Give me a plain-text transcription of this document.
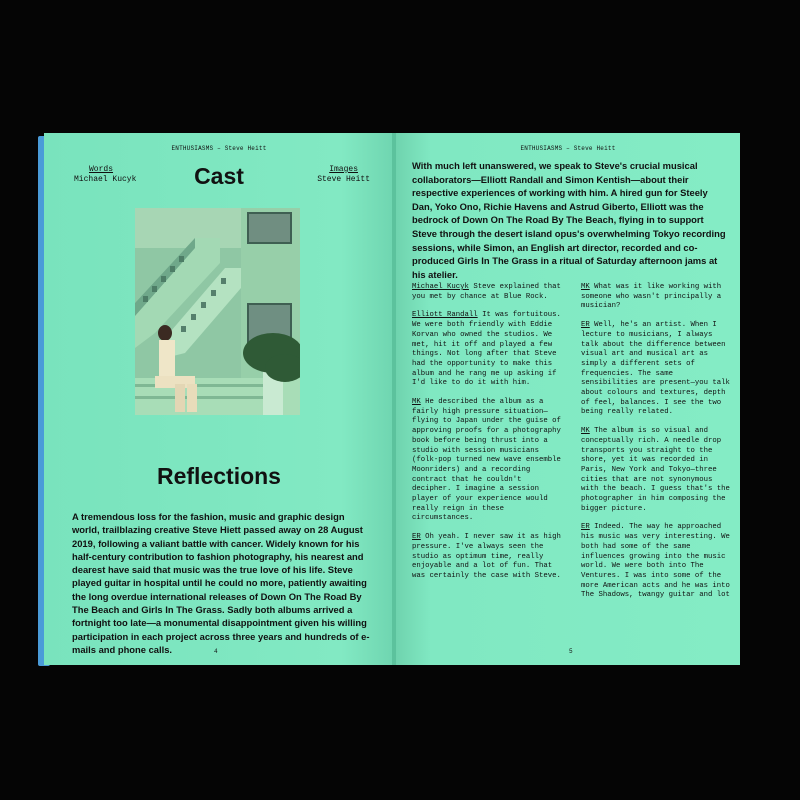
ENTHUSIASMS – Steve Heitt
Words
Michael Kucyk	Cast	Images
Steve Heitt
Reflections
A tremendous loss for the fashion, music and graphic design world, trailblazing creative Steve Hiett passed away on 28 August 2019, following a valiant battle with cancer. Widely known for his half-century contribution to fashion photography, his nearest and dearest have said that music was the true love of his life. Steve played guitar in hospital until he could no more, patiently awaiting the long overdue international releases of Down On The Road By The Beach and Girls In The Grass. Sadly both albums arrived a fortnight too late—a monumental disappointment given his willing participation in each project across three years and hundreds of e-mails and phone calls.	4
ENTHUSIASMS – Steve Heitt
With much left unanswered, we speak to Steve's crucial musical collaborators—Elliott Randall and Simon Kentish—about their respective experiences of working with him. A hired gun for Steely Dan, Yoko Ono, Richie Havens and Astrud Giberto, Elliott was the bedrock of Down On The Road By The Beach, flying in to support Steve through the desert island opus's overwhelming Tokyo recording sessions, while Simon, an English art director, recorded and co-produced Girls In The Grass in a ritual of Saturday afternoon jams at his atelier.

Michael Kucyk Steve explained that you met by chance at Blue Rock.

Elliott Randall It was fortuitous. We were both friendly with Eddie Korvan who owned the studios. We met, hit it off and played a few things. Not long after that Steve had the opportunity to make this album and he rang me up asking if I'd like to do it with him.

MK He described the album as a fairly high pressure situation—flying to Japan under the guise of approving proofs for a photography book before being thrust into a studio with session musicians (folk-pop turned new wave ensemble Moonriders) and a recording contract that he couldn't decipher. I imagine a session player of your experience would really reign in these circumstances.

ER Oh yeah. I never saw it as high pressure. I've always seen the studio as optimum time, really enjoyable and a lot of fun. That was certainly the case with Steve.

MK What was it like working with someone who wasn't principally a musician?

ER Well, he's an artist. When I lecture to musicians, I always talk about the difference between visual art and musical art as simply a different sets of frequencies. The same sensibilities are present—you talk about colours and textures, depth of feel, balances. I see the two being really related.

MK The album is so visual and conceptually rich. A needle drop transports you straight to the shore, yet it was recorded in Paris, New York and Tokyo—three cities that are not synonymous with the beach. I guess that's the photographer in him composing the bigger picture.

ER Indeed. The way he approached his music was very interesting. We both had some of the same influences growing into the music world. We were both into The Ventures. I was into some of the more American acts and he was into The Shadows, twangy guitar and lot

5
